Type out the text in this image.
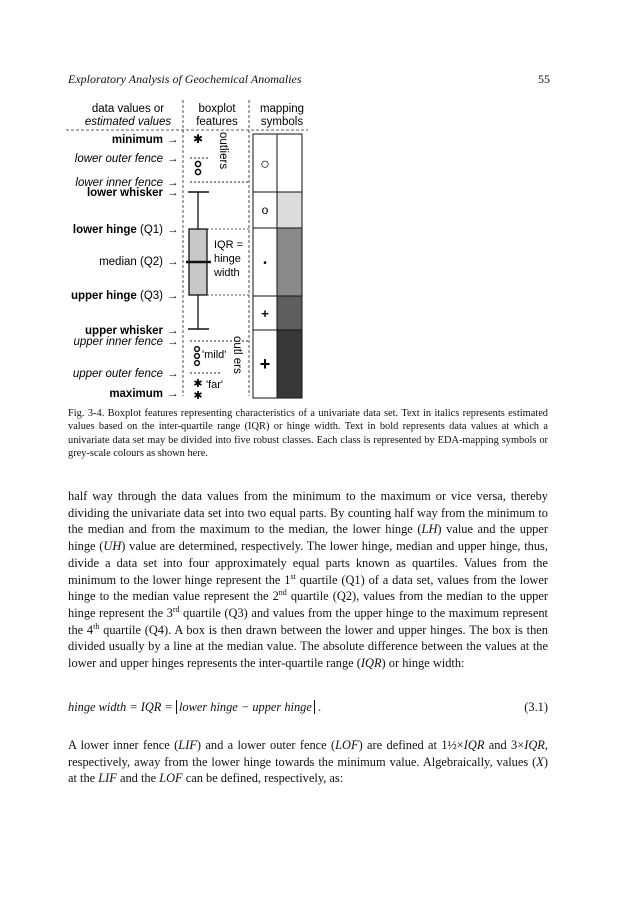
Exploratory Analysis of Geochemical Anomalies	55
data values or
estimated values
boxplot
features
mapping
symbols
minimum →
lower outer fence →
lower inner fence →
lower whisker →
lower hinge (Q1) →
median (Q2) →
upper hinge (Q3) →
upper whisker →
upper inner fence →
upper outer fence →
maximum →
✱ outliers
IQR =
hinge
width
'mild'
✱
✱
'far'
outl ers
○
o
•
+
+
Fig. 3-4. Boxplot features representing characteristics of a univariate data set. Text in italics represents estimated values based on the inter-quartile range (IQR) or hinge width. Text in bold represents data values at which a univariate data set may be divided into five robust classes. Each class is represented by EDA-mapping symbols or grey-scale colours as shown here.

half way through the data values from the minimum to the maximum or vice versa, thereby dividing the univariate data set into two equal parts. By counting half way from the minimum to the median and from the maximum to the median, the lower hinge (LH) value and the upper hinge (UH) value are determined, respectively. The lower hinge, median and upper hinge, thus, divide a data set into four approximately equal parts known as quartiles. Values from the minimum to the lower hinge represent the 1st quartile (Q1) of a data set, values from the lower hinge to the median value represent the 2nd quartile (Q2), values from the median to the upper hinge represent the 3rd quartile (Q3) and values from the upper hinge to the maximum represent the 4th quartile (Q4). A box is then drawn between the lower and upper hinges. The box is then divided usually by a line at the median value. The absolute difference between the values at the lower and upper hinges represents the inter-quartile range (IQR) or hinge width:

hinge width = IQR = lower hinge − upper hinge .	(3.1)

A lower inner fence (LIF) and a lower outer fence (LOF) are defined at 1½×IQR and 3×IQR, respectively, away from the lower hinge towards the minimum value. Algebraically, values (X) at the LIF and the LOF can be defined, respectively, as:
